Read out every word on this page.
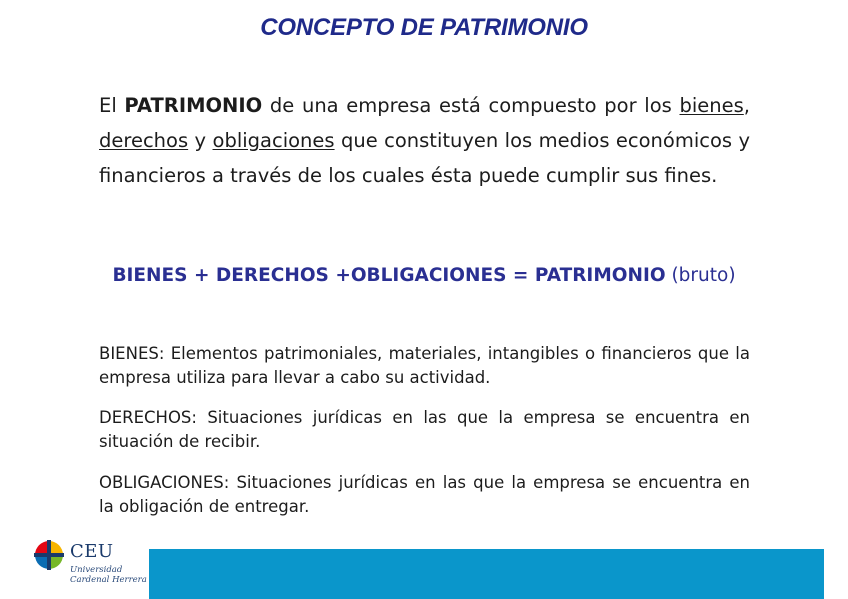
CONCEPTO DE PATRIMONIO
El PATRIMONIO de una empresa está compuesto por los bienes, derechos y obligaciones que constituyen los medios económicos y financieros a través de los cuales ésta puede cumplir sus fines.
BIENES + DERECHOS +OBLIGACIONES = PATRIMONIO (bruto)
BIENES: Elementos patrimoniales, materiales, intangibles o financieros que la empresa utiliza para llevar a cabo su actividad.
DERECHOS: Situaciones jurídicas en las que la empresa se encuentra en situación de recibir.
OBLIGACIONES: Situaciones jurídicas en las que la empresa se encuentra en la obligación de entregar.
CEU
Universidad
Cardenal Herrera
